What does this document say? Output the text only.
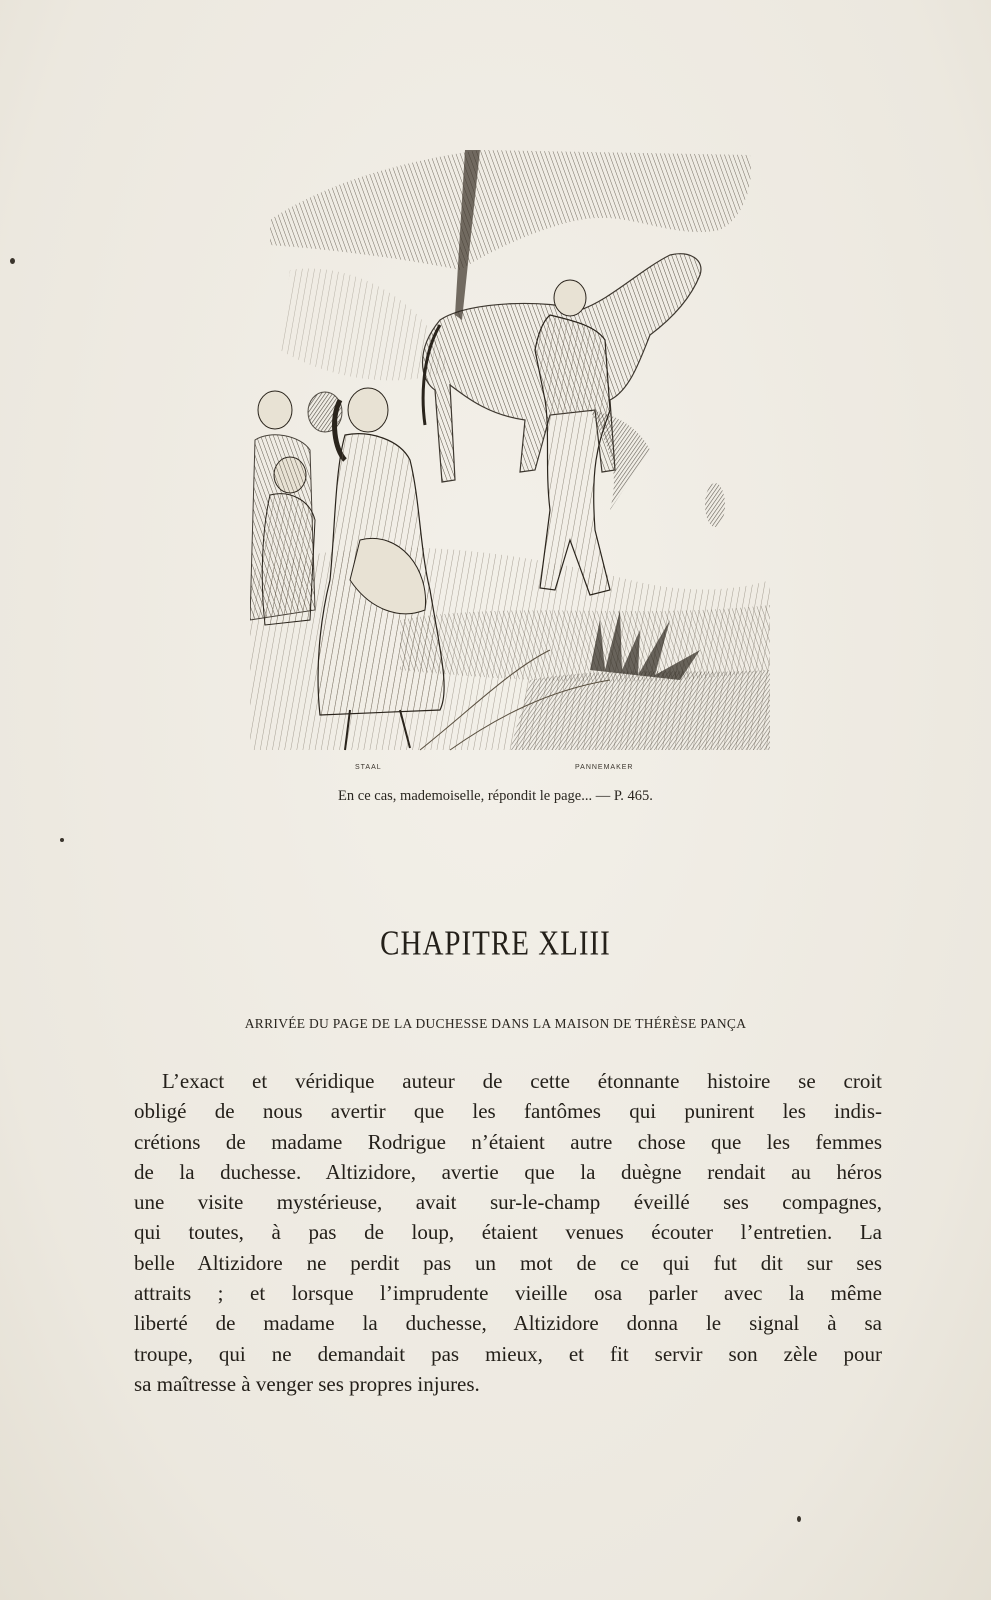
STAAL	PANNEMAKER
En ce cas, mademoiselle, répondit le page... — P. 465.
CHAPITRE XLIII
ARRIVÉE DU PAGE DE LA DUCHESSE DANS LA MAISON DE THÉRÈSE PANÇA
L’exact et véridique auteur de cette étonnante histoire se croit
obligé de nous avertir que les fantômes qui punirent les indis-
crétions de madame Rodrigue n’étaient autre chose que les femmes
de la duchesse. Altizidore, avertie que la duègne rendait au héros
une visite mystérieuse, avait sur-le-champ éveillé ses compagnes,
qui toutes, à pas de loup, étaient venues écouter l’entretien. La
belle Altizidore ne perdit pas un mot de ce qui fut dit sur ses
attraits ; et lorsque l’imprudente vieille osa parler avec la même
liberté de madame la duchesse, Altizidore donna le signal à sa
troupe, qui ne demandait pas mieux, et fit servir son zèle pour
sa maîtresse à venger ses propres injures.
